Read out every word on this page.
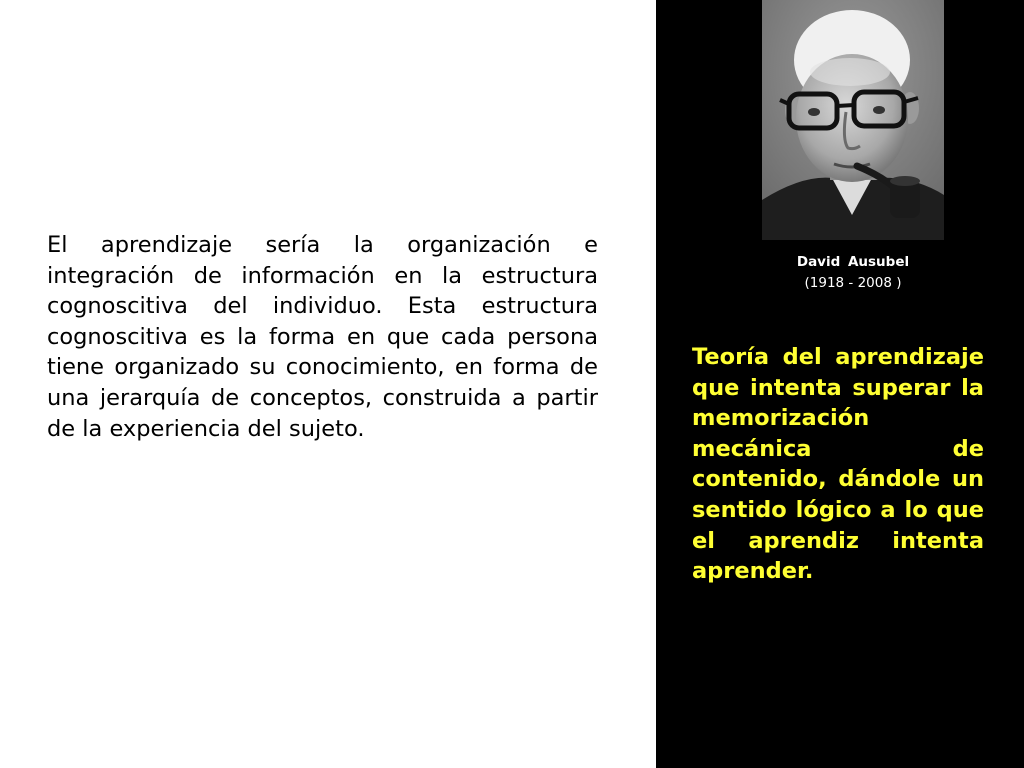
El aprendizaje sería la organización e integración de información en la estructura cognoscitiva del individuo. Esta estructura cognoscitiva es la forma en que cada persona tiene organizado su conocimiento, en forma de una jerarquía de conceptos, construida a partir de la experiencia del sujeto.

David Ausubel
(1918 - 2008 )

Teoría del aprendizaje que intenta superar la memorización mecánica de contenido, dándole un sentido lógico a lo que el aprendiz intenta aprender.
